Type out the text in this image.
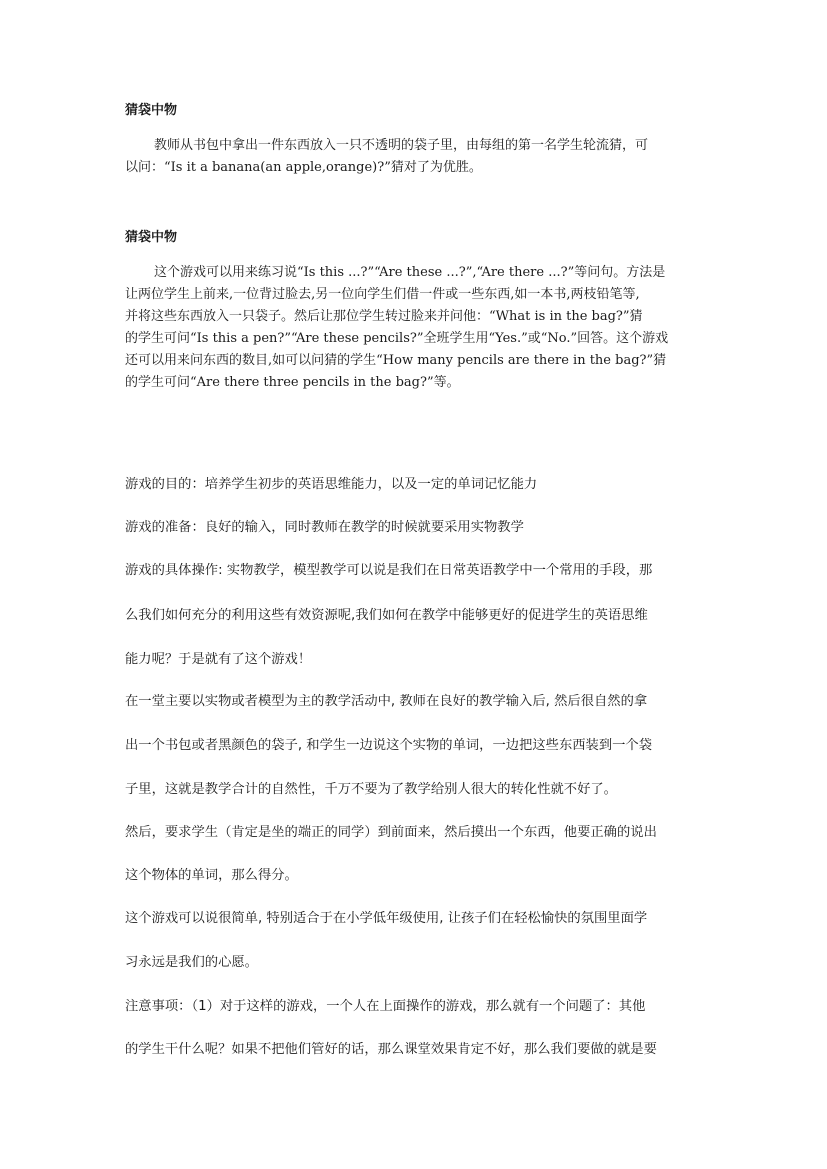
猜袋中物
教师从书包中拿出一件东西放入一只不透明的袋子里，由每组的第一名学生轮流猜，可
以问：“Is it a banana(an apple,orange)?”猜对了为优胜。
猜袋中物
这个游戏可以用来练习说“Is this ...?”“Are these ...?”,“Are there ...?”等问句。方法是
让两位学生上前来,一位背过脸去,另一位向学生们借一件或一些东西,如一本书,两枝铅笔等,
并将这些东西放入一只袋子。然后让那位学生转过脸来并问他：“What is in the bag?”猜
的学生可问“Is this a pen?”“Are these pencils?”全班学生用“Yes.”或“No.”回答。这个游戏
还可以用来问东西的数目,如可以问猜的学生“How many pencils are there in the bag?”猜
的学生可问“Are there three pencils in the bag?”等。
游戏的目的：培养学生初步的英语思维能力，以及一定的单词记忆能力
游戏的准备：良好的输入，同时教师在教学的时候就要采用实物教学
游戏的具体操作: 实物教学，模型教学可以说是我们在日常英语教学中一个常用的手段，那
么我们如何充分的利用这些有效资源呢,我们如何在教学中能够更好的促进学生的英语思维
能力呢？于是就有了这个游戏！
在一堂主要以实物或者模型为主的教学活动中, 教师在良好的教学输入后, 然后很自然的拿
出一个书包或者黑颜色的袋子, 和学生一边说这个实物的单词，一边把这些东西装到一个袋
子里，这就是教学合计的自然性，千万不要为了教学给别人很大的转化性就不好了。
然后，要求学生（肯定是坐的端正的同学）到前面来，然后摸出一个东西，他要正确的说出
这个物体的单词，那么得分。
这个游戏可以说很简单, 特别适合于在小学低年级使用, 让孩子们在轻松愉快的氛围里面学
习永远是我们的心愿。
注意事项：（1）对于这样的游戏，一个人在上面操作的游戏，那么就有一个问题了：其他
的学生干什么呢？如果不把他们管好的话，那么课堂效果肯定不好，那么我们要做的就是要
